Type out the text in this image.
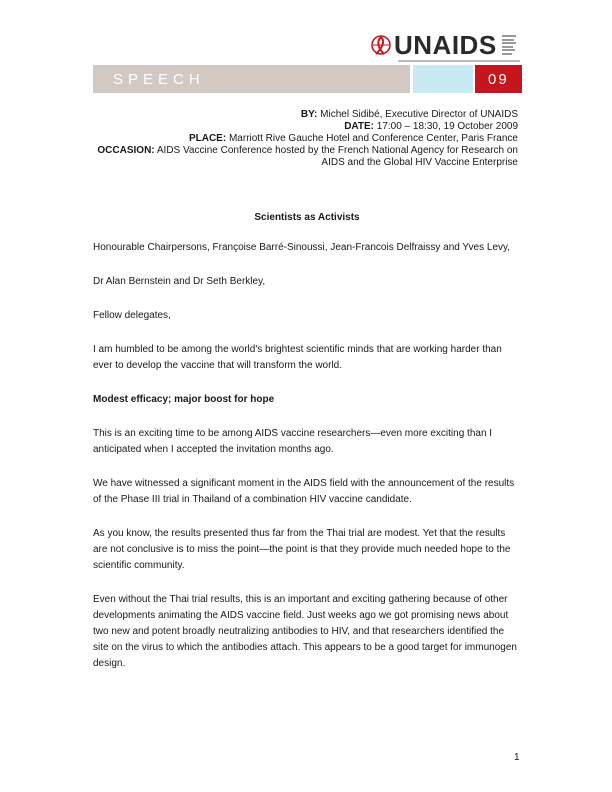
UNAIDS
SPEECH	09
BY: Michel Sidibé, Executive Director of UNAIDS
DATE: 17:00 – 18:30, 19 October 2009
PLACE: Marriott Rive Gauche Hotel and Conference Center, Paris France
OCCASION: AIDS Vaccine Conference hosted by the French National Agency for Research on AIDS and the Global HIV Vaccine Enterprise

Scientists as Activists

Honourable Chairpersons, Françoise Barré-Sinoussi, Jean-Francois Delfraissy and Yves Levy,

Dr Alan Bernstein and Dr Seth Berkley,

Fellow delegates,

I am humbled to be among the world's brightest scientific minds that are working harder than ever to develop the vaccine that will transform the world.

Modest efficacy; major boost for hope

This is an exciting time to be among AIDS vaccine researchers—even more exciting than I anticipated when I accepted the invitation months ago.

We have witnessed a significant moment in the AIDS field with the announcement of the results of the Phase III trial in Thailand of a combination HIV vaccine candidate.

As you know, the results presented thus far from the Thai trial are modest. Yet that the results are not conclusive is to miss the point—the point is that they provide much needed hope to the scientific community.

Even without the Thai trial results, this is an important and exciting gathering because of other developments animating the AIDS vaccine field. Just weeks ago we got promising news about two new and potent broadly neutralizing antibodies to HIV, and that researchers identified the site on the virus to which the antibodies attach. This appears to be a good target for immunogen design.

1
